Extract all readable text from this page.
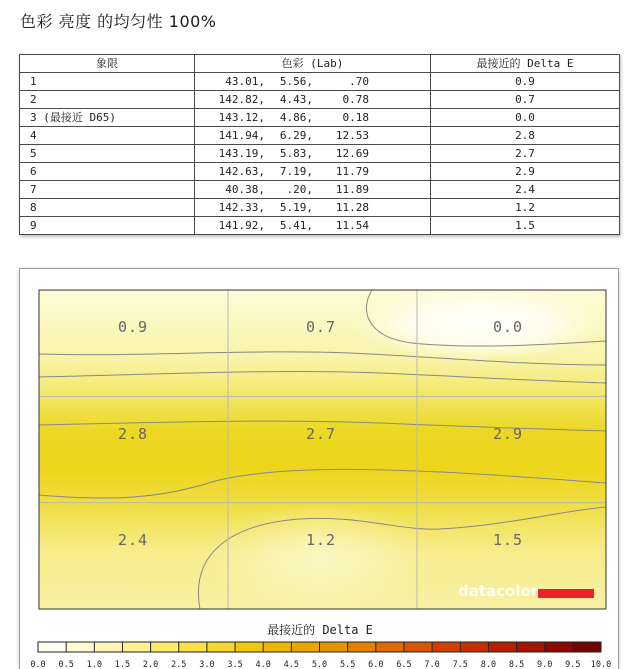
色彩 亮度 的均匀性 100%
象限	色彩 (Lab)	最接近的 Delta E
1	43.01, 5.56, .70	0.9
2	142.82, 4.43, 0.78	0.7
3 (最接近 D65)	143.12, 4.86, 0.18	0.0
4	141.94, 6.29, 12.53	2.8
5	143.19, 5.83, 12.69	2.7
6	142.63, 7.19, 11.79	2.9
7	40.38, .20, 11.89	2.4
8	142.33, 5.19, 11.28	1.2
9	141.92, 5.41, 11.54	1.5
0.9	0.7	0.0
2.8	2.7	2.9
2.4	1.2	1.5
datacolor
0.0 0.5 1.0 1.5 2.0 2.5 3.0 3.5 4.0 4.5 5.0 5.5 6.0 6.5 7.0 7.5 8.0 8.5 9.0 9.5 10.0
最接近的 Delta E
